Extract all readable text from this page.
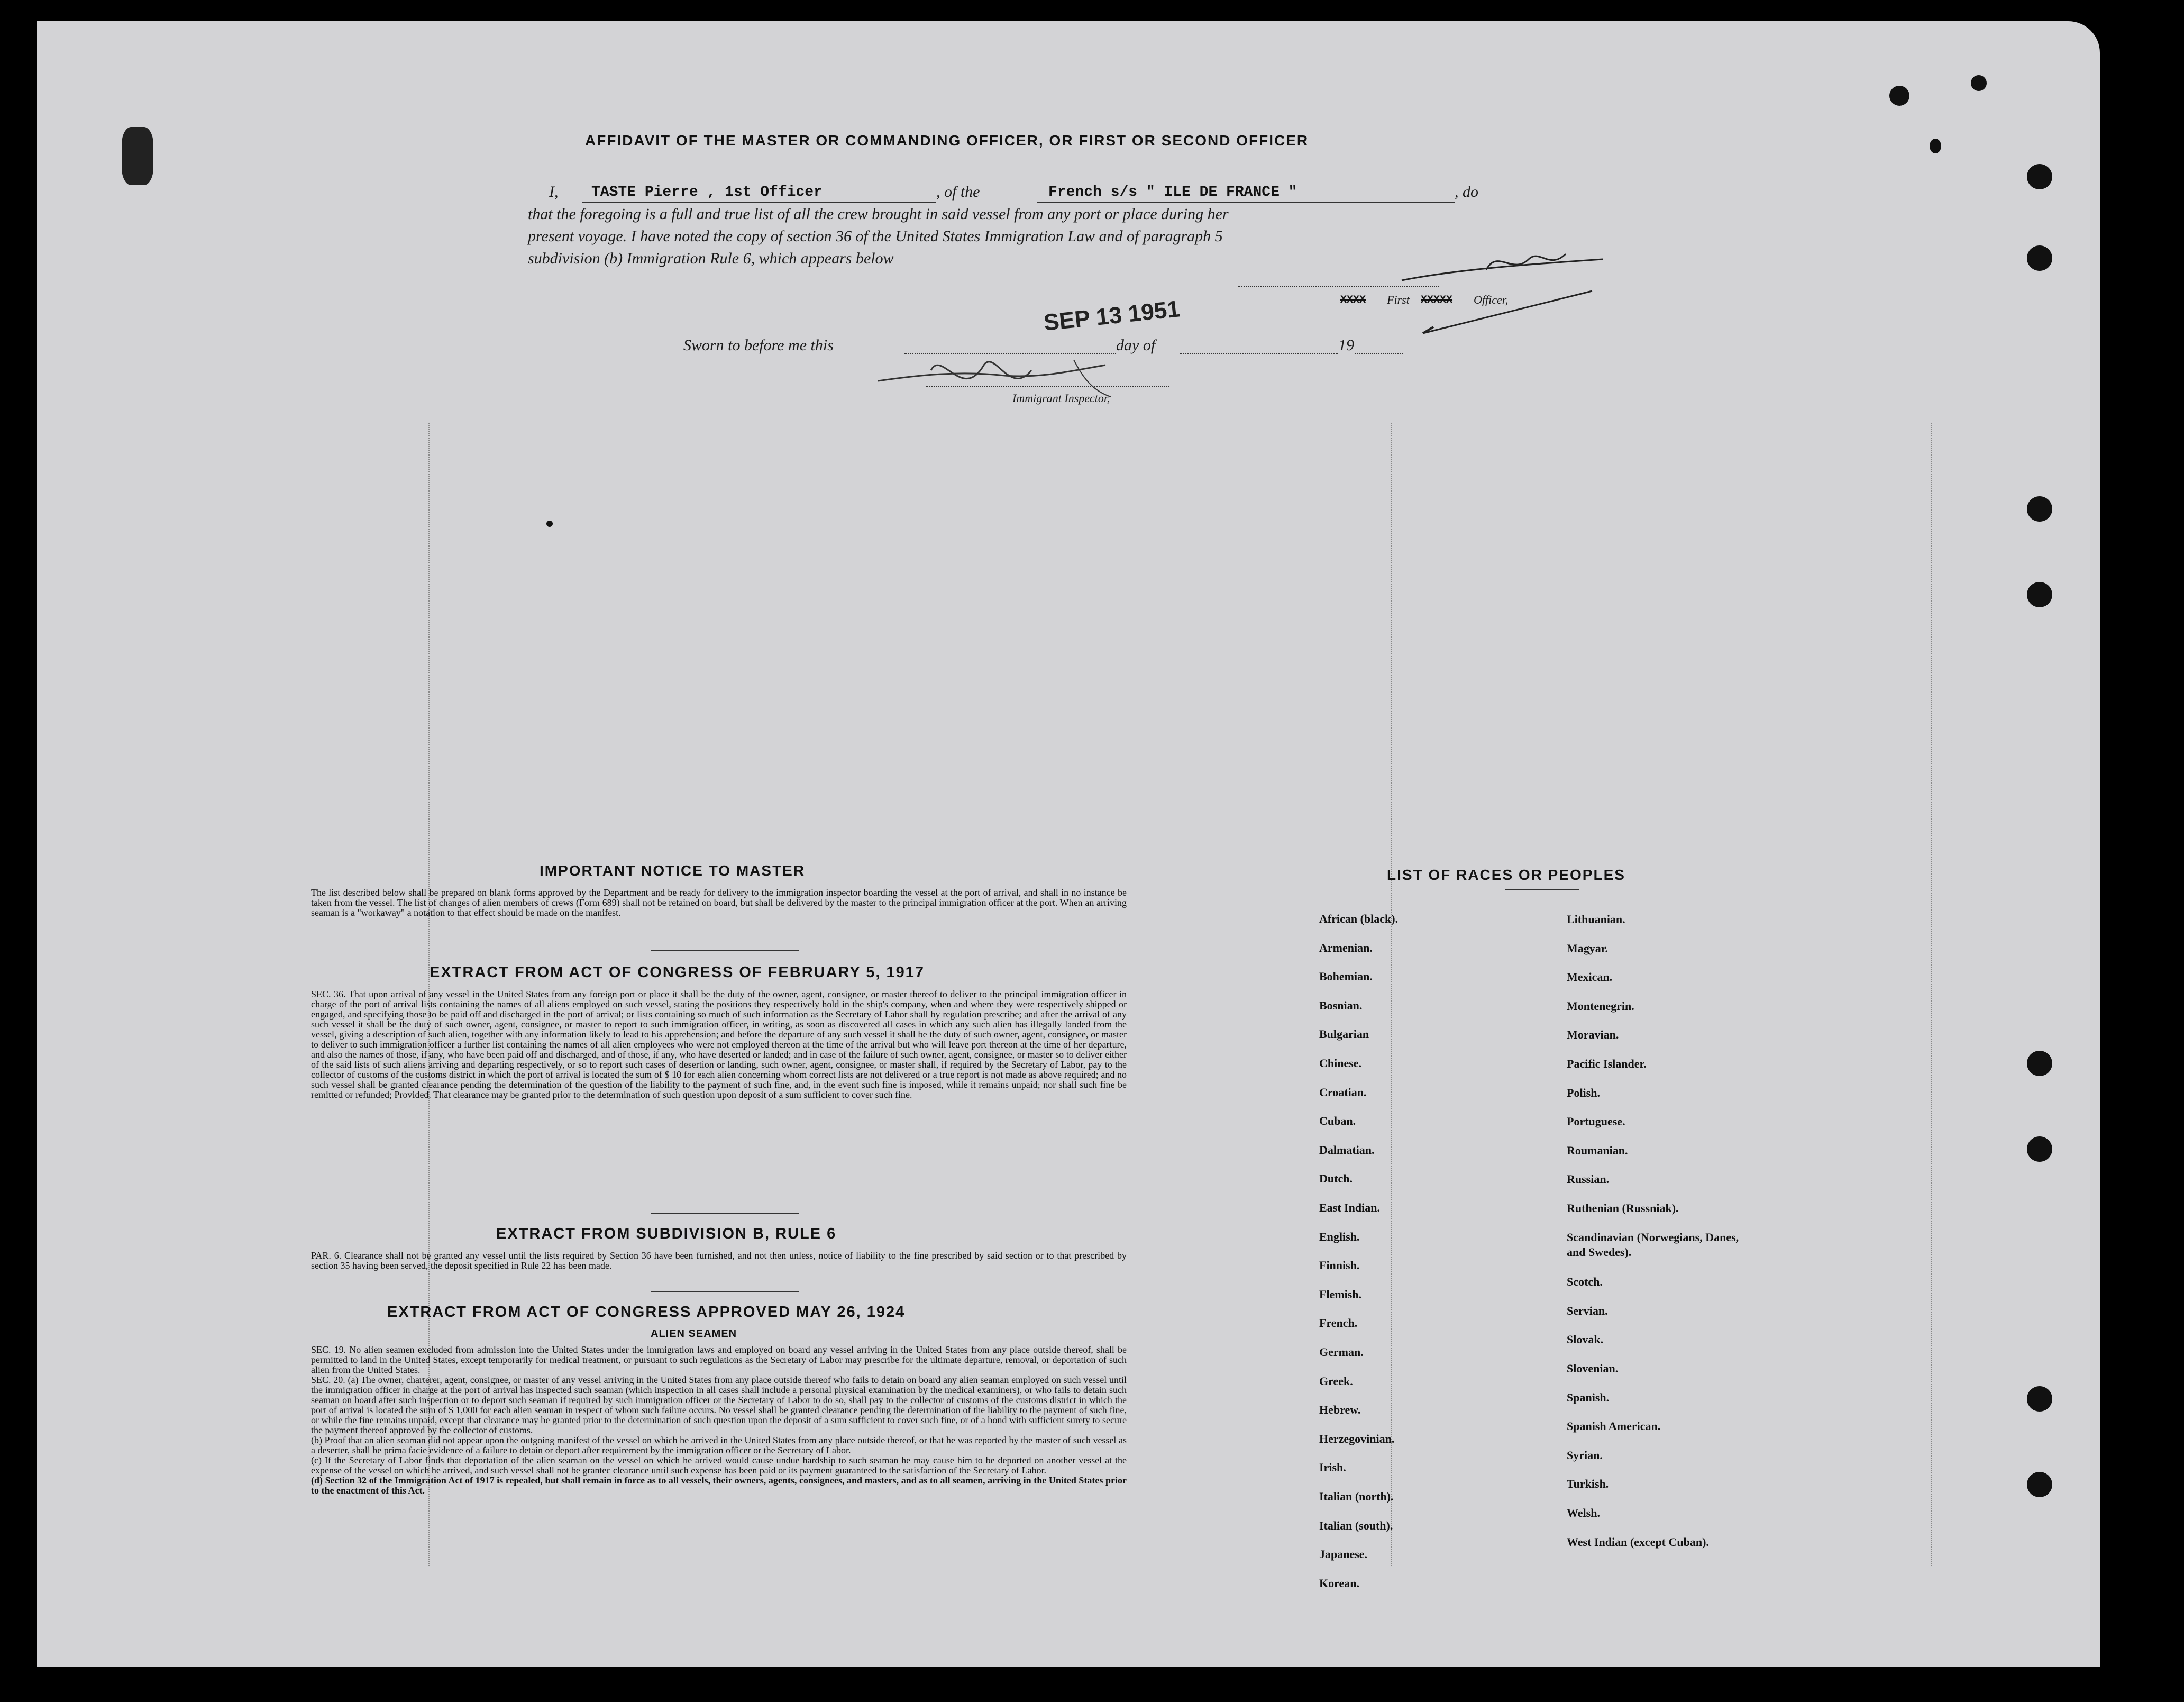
AFFIDAVIT OF THE MASTER OR COMMANDING OFFICER, OR FIRST OR SECOND OFFICER
I, TASTE Pierre , 1st Officer	, of the	French s/s " ILE DE FRANCE "	, do
that the foregoing is a full and true list of all the crew brought in said vessel from any port or place during her
present voyage. I have noted the copy of section 36 of the United States Immigration Law and of paragraph 5
subdivision (b) Immigration Rule 6, which appears below
XXXX First XXXXX Officer,
Sworn to before me this
SEP 13 1951
day of	19
Immigrant Inspector,
IMPORTANT NOTICE TO MASTER
The list described below shall be prepared on blank forms approved by the Department and be ready for delivery to the immigration inspector boarding the vessel at the port of arrival, and shall in no instance be taken from the vessel. The list of changes of alien members of crews (Form 689) shall not be retained on board, but shall be delivered by the master to the principal immigration officer at the port. When an arriving seaman is a "workaway" a notation to that effect should be made on the manifest.
EXTRACT FROM ACT OF CONGRESS OF FEBRUARY 5, 1917
SEC. 36. That upon arrival of any vessel in the United States from any foreign port or place it shall be the duty of the owner, agent, consignee, or master thereof to deliver to the principal immigration officer in charge of the port of arrival lists containing the names of all aliens employed on such vessel, stating the positions they respectively hold in the ship's company, when and where they were respectively shipped or engaged, and specifying those to be paid off and discharged in the port of arrival; or lists containing so much of such information as the Secretary of Labor shall by regulation prescribe; and after the arrival of any such vessel it shall be the duty of such owner, agent, consignee, or master to report to such immigration officer, in writing, as soon as discovered all cases in which any such alien has illegally landed from the vessel, giving a description of such alien, together with any information likely to lead to his apprehension; and before the departure of any such vessel it shall be the duty of such owner, agent, consignee, or master to deliver to such immigration officer a further list containing the names of all alien employees who were not employed thereon at the time of the arrival but who will leave port thereon at the time of her departure, and also the names of those, if any, who have been paid off and discharged, and of those, if any, who have deserted or landed; and in case of the failure of such owner, agent, consignee, or master so to deliver either of the said lists of such aliens arriving and departing respectively, or so to report such cases of desertion or landing, such owner, agent, consignee, or master shall, if required by the Secretary of Labor, pay to the collector of customs of the customs district in which the port of arrival is located the sum of $ 10 for each alien concerning whom correct lists are not delivered or a true report is not made as above required; and no such vessel shall be granted clearance pending the determination of the question of the liability to the payment of such fine, and, in the event such fine is imposed, while it remains unpaid; nor shall such fine be remitted or refunded; Provided. That clearance may be granted prior to the determination of such question upon deposit of a sum sufficient to cover such fine.
EXTRACT FROM SUBDIVISION B, RULE 6
PAR. 6. Clearance shall not be granted any vessel until the lists required by Section 36 have been furnished, and not then unless, notice of liability to the fine prescribed by said section or to that prescribed by section 35 having been served, the deposit specified in Rule 22 has been made.
EXTRACT FROM ACT OF CONGRESS APPROVED MAY 26, 1924
ALIEN SEAMEN
SEC. 19. No alien seamen excluded from admission into the United States under the immigration laws and employed on board any vessel arriving in the United States from any place outside thereof, shall be permitted to land in the United States, except temporarily for medical treatment, or pursuant to such regulations as the Secretary of Labor may prescribe for the ultimate departure, removal, or deportation of such alien from the United States.
SEC. 20. (a) The owner, charterer, agent, consignee, or master of any vessel arriving in the United States from any place outside thereof who fails to detain on board any alien seaman employed on such vessel until the immigration officer in charge at the port of arrival has inspected such seaman (which inspection in all cases shall include a personal physical examination by the medical examiners), or who fails to detain such seaman on board after such inspection or to deport such seaman if required by such immigration officer or the Secretary of Labor to do so, shall pay to the collector of customs of the customs district in which the port of arrival is located the sum of $ 1,000 for each alien seaman in respect of whom such failure occurs. No vessel shall be granted clearance pending the determination of the liability to the payment of such fine, or while the fine remains unpaid, except that clearance may be granted prior to the determination of such question upon the deposit of a sum sufficient to cover such fine, or of a bond with sufficient surety to secure the payment thereof approved by the collector of customs.
(b) Proof that an alien seaman did not appear upon the outgoing manifest of the vessel on which he arrived in the United States from any place outside thereof, or that he was reported by the master of such vessel as a deserter, shall be prima facie evidence of a failure to detain or deport after requirement by the immigration officer or the Secretary of Labor.
(c) If the Secretary of Labor finds that deportation of the alien seaman on the vessel on which he arrived would cause undue hardship to such seaman he may cause him to be deported on another vessel at the expense of the vessel on which he arrived, and such vessel shall not be grantec clearance until such expense has been paid or its payment guaranteed to the satisfaction of the Secretary of Labor.
(d) Section 32 of the Immigration Act of 1917 is repealed, but shall remain in force as to all vessels, their owners, agents, consignees, and masters, and as to all seamen, arriving in the United States prior to the enactment of this Act.
LIST OF RACES OR PEOPLES
African (black).
Armenian.
Bohemian.
Bosnian.
Bulgarian
Chinese.
Croatian.
Cuban.
Dalmatian.
Dutch.
East Indian.
English.
Finnish.
Flemish.
French.
German.
Greek.
Hebrew.
Herzegovinian.
Irish.
Italian (north).
Italian (south).
Japanese.
Korean.
Lithuanian.
Magyar.
Mexican.
Montenegrin.
Moravian.
Pacific Islander.
Polish.
Portuguese.
Roumanian.
Russian.
Ruthenian (Russniak).
Scandinavian (Norwegians, Danes, and Swedes).
Scotch.
Servian.
Slovak.
Slovenian.
Spanish.
Spanish American.
Syrian.
Turkish.
Welsh.
West Indian (except Cuban).
